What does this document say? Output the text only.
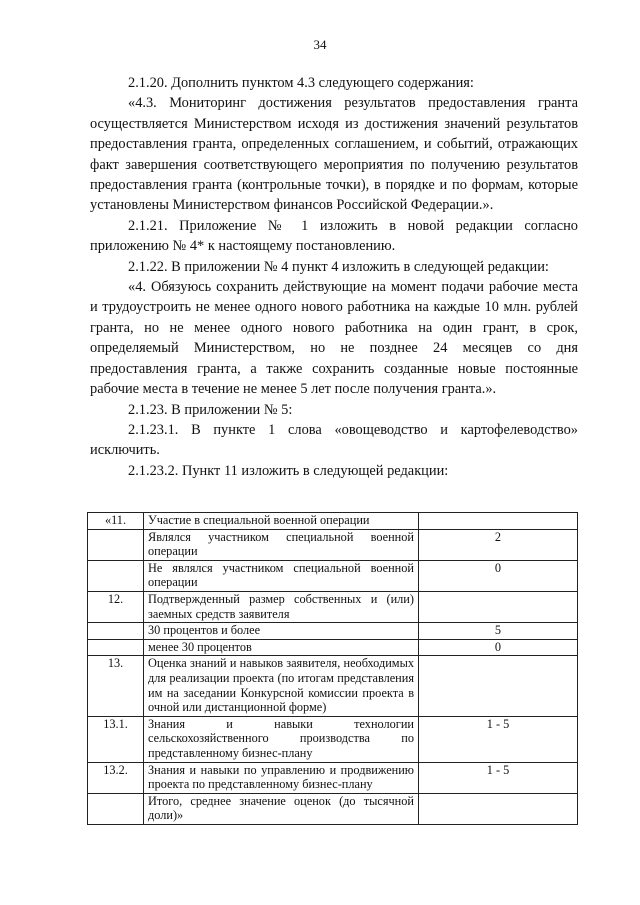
34

2.1.20. Дополнить пунктом 4.3 следующего содержания:

«4.3. Мониторинг достижения результатов предоставления гранта осуществляется Министерством исходя из достижения значений результатов предоставления гранта, определенных соглашением, и событий, отражающих факт завершения соответствующего мероприятия по получению результатов предоставления гранта (контрольные точки), в порядке и по формам, которые установлены Министерством финансов Российской Федерации.».

2.1.21. Приложение № 1 изложить в новой редакции согласно приложению № 4* к настоящему постановлению.

2.1.22. В приложении № 4 пункт 4 изложить в следующей редакции:

«4. Обязуюсь сохранить действующие на момент подачи рабочие места и трудоустроить не менее одного нового работника на каждые 10 млн. рублей гранта, но не менее одного нового работника на один грант, в срок, определяемый Министерством, но не позднее 24 месяцев со дня предоставления гранта, а также сохранить созданные новые постоянные рабочие места в течение не менее 5 лет после получения гранта.».

2.1.23. В приложении № 5:

2.1.23.1. В пункте 1 слова «овощеводство и картофелеводство» исключить.

2.1.23.2. Пункт 11 изложить в следующей редакции:

«11.	Участие в специальной военной операции	
	Являлся участником специальной военной операции	2
	Не являлся участником специальной военной операции	0
12.	Подтвержденный размер собственных и (или) заемных средств заявителя	
	30 процентов и более	5
	менее 30 процентов	0
13.	Оценка знаний и навыков заявителя, необходимых для реализации проекта (по итогам представления им на заседании Конкурсной комиссии проекта в очной или дистанционной форме)	
13.1.	Знания и навыки технологии сельскохозяйственного производства по представленному бизнес-плану	1 - 5
13.2.	Знания и навыки по управлению и продвижению проекта по представленному бизнес-плану	1 - 5
	Итого, среднее значение оценок (до тысячной доли)»	
